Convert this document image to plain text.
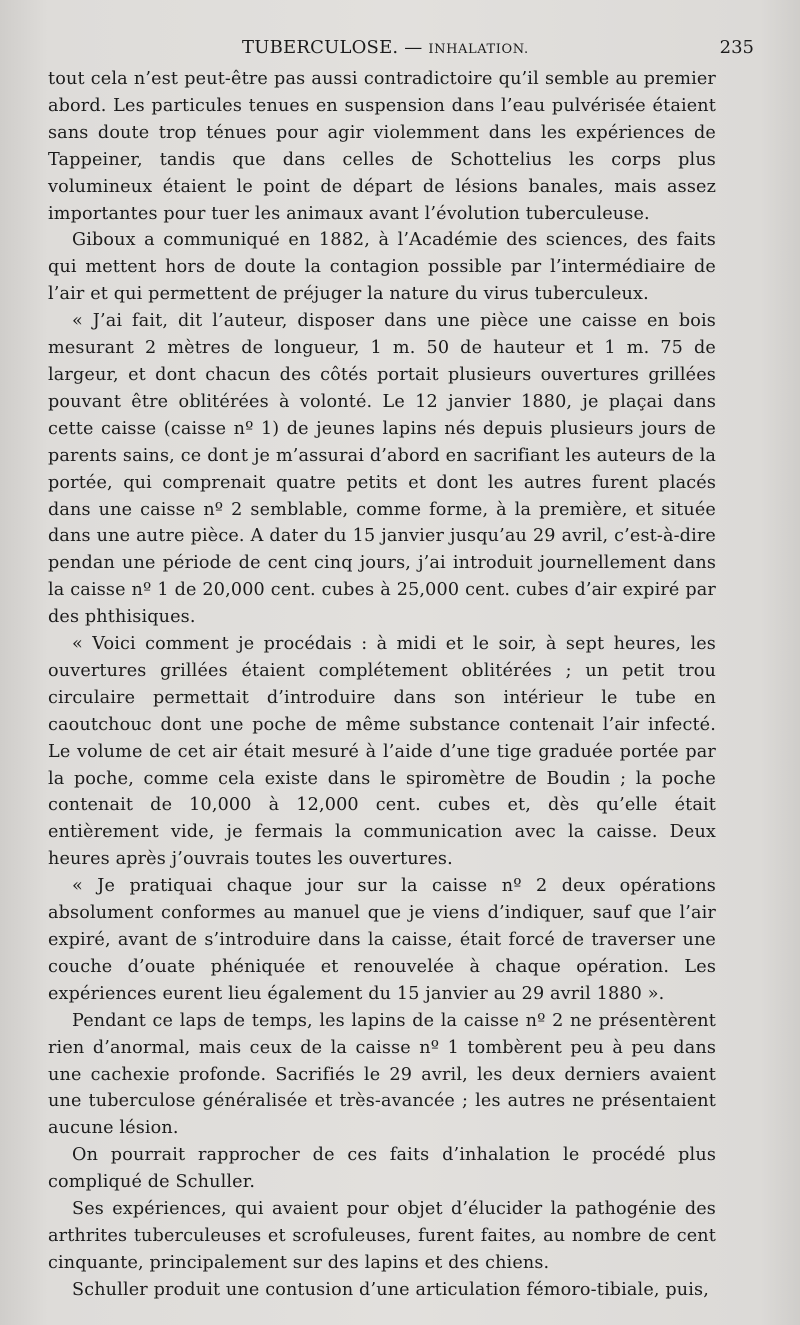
TUBERCULOSE. — INHALATION.	235

tout cela n’est peut-être pas aussi contradictoire qu’il semble au premier abord. Les particules tenues en suspension dans l’eau pulvérisée étaient sans doute trop ténues pour agir violemment dans les expériences de Tappeiner, tandis que dans celles de Schottelius les corps plus volumineux étaient le point de départ de lésions banales, mais assez importantes pour tuer les animaux avant l’évolution tuberculeuse.

Giboux a communiqué en 1882, à l’Académie des sciences, des faits qui mettent hors de doute la contagion possible par l’intermédiaire de l’air et qui permettent de préjuger la nature du virus tuberculeux.

« J’ai fait, dit l’auteur, disposer dans une pièce une caisse en bois mesurant 2 mètres de longueur, 1 m. 50 de hauteur et 1 m. 75 de largeur, et dont chacun des côtés portait plusieurs ouvertures grillées pouvant être oblitérées à volonté. Le 12 janvier 1880, je plaçai dans cette caisse (caisse nº 1) de jeunes lapins nés depuis plusieurs jours de parents sains, ce dont je m’assurai d’abord en sacrifiant les auteurs de la portée, qui comprenait quatre petits et dont les autres furent placés dans une caisse nº 2 semblable, comme forme, à la première, et située dans une autre pièce. A dater du 15 janvier jusqu’au 29 avril, c’est-à-dire pendan une période de cent cinq jours, j’ai introduit journellement dans la caisse nº 1 de 20,000 cent. cubes à 25,000 cent. cubes d’air expiré par des phthisiques.

« Voici comment je procédais : à midi et le soir, à sept heures, les ouvertures grillées étaient complétement oblitérées ; un petit trou circulaire permettait d’introduire dans son intérieur le tube en caoutchouc dont une poche de même substance contenait l’air infecté. Le volume de cet air était mesuré à l’aide d’une tige graduée portée par la poche, comme cela existe dans le spiromètre de Boudin ; la poche contenait de 10,000 à 12,000 cent. cubes et, dès qu’elle était entièrement vide, je fermais la communication avec la caisse. Deux heures après j’ouvrais toutes les ouvertures.

« Je pratiquai chaque jour sur la caisse nº 2 deux opérations absolument conformes au manuel que je viens d’indiquer, sauf que l’air expiré, avant de s’introduire dans la caisse, était forcé de traverser une couche d’ouate phéniquée et renouvelée à chaque opération. Les expériences eurent lieu également du 15 janvier au 29 avril 1880 ».

Pendant ce laps de temps, les lapins de la caisse nº 2 ne présentèrent rien d’anormal, mais ceux de la caisse nº 1 tombèrent peu à peu dans une cachexie profonde. Sacrifiés le 29 avril, les deux derniers avaient une tuberculose généralisée et très-avancée ; les autres ne présentaient aucune lésion.

On pourrait rapprocher de ces faits d’inhalation le procédé plus compliqué de Schuller.

Ses expériences, qui avaient pour objet d’élucider la pathogénie des arthrites tuberculeuses et scrofuleuses, furent faites, au nombre de cent cinquante, principalement sur des lapins et des chiens.

Schuller produit une contusion d’une articulation fémoro-tibiale, puis,
